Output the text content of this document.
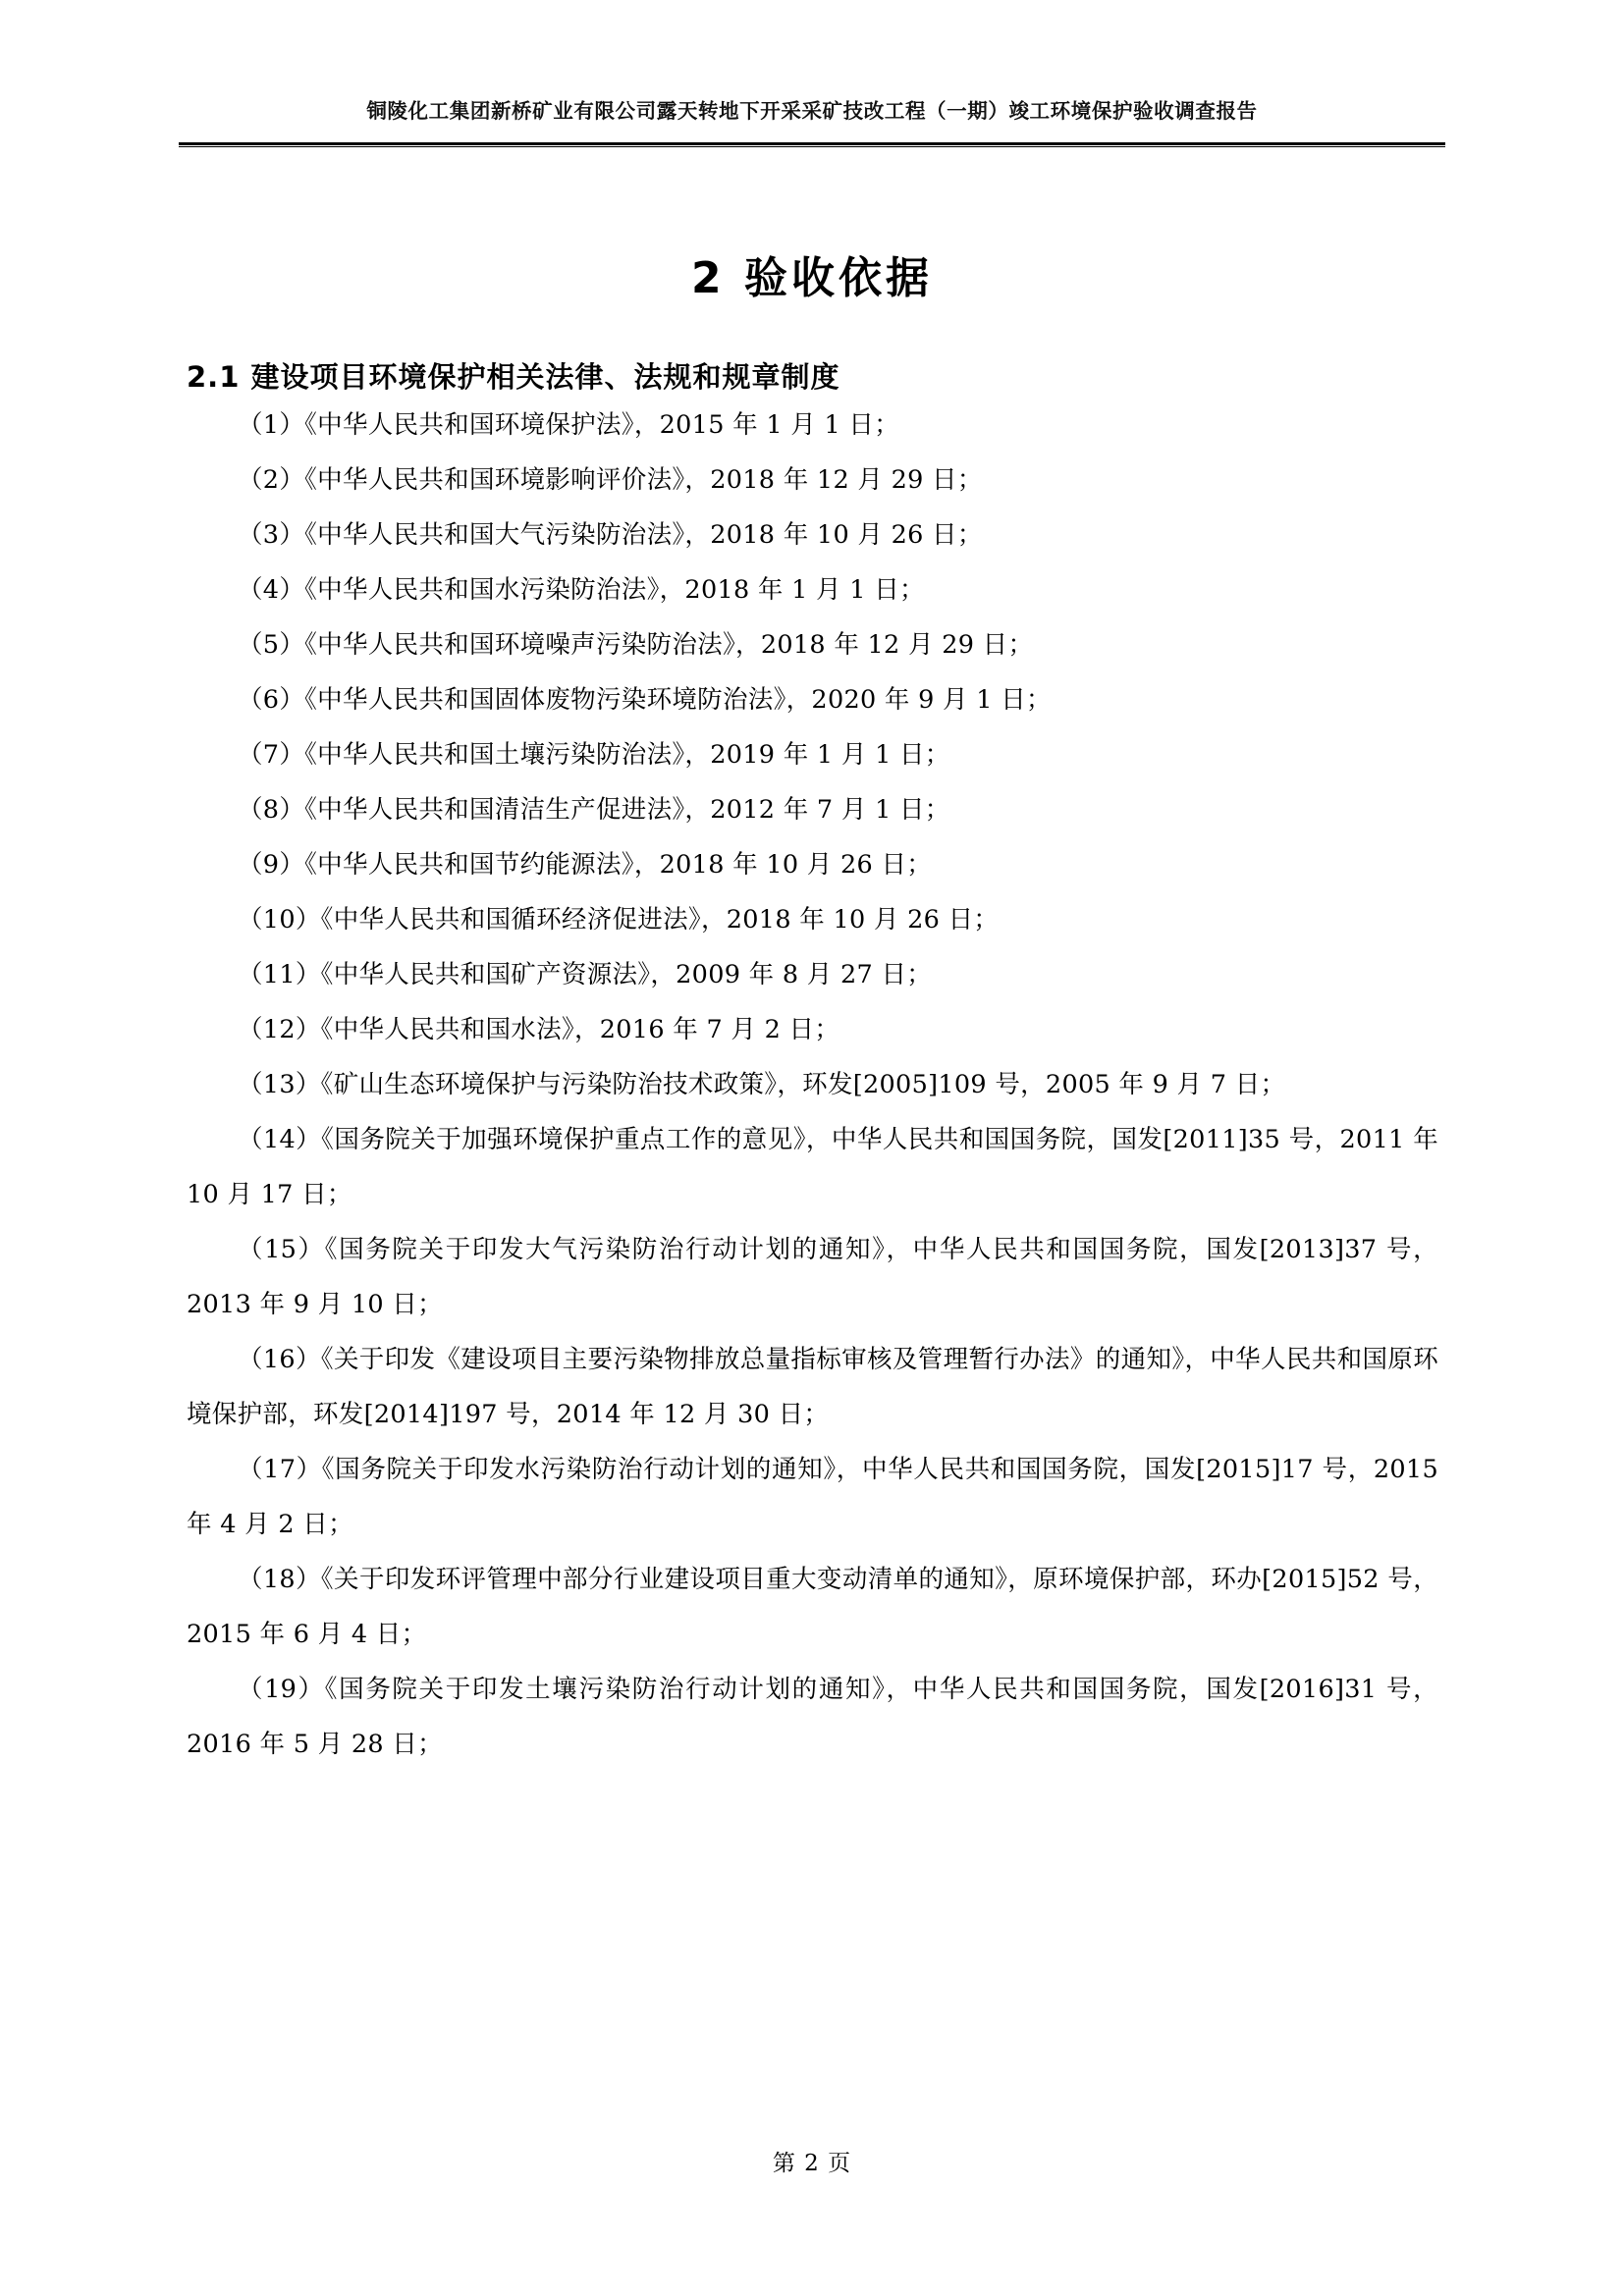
铜陵化工集团新桥矿业有限公司露天转地下开采采矿技改工程（一期）竣工环境保护验收调查报告
2 验收依据
2.1 建设项目环境保护相关法律、法规和规章制度

（1）《中华人民共和国环境保护法》，2015 年 1 月 1 日；

（2）《中华人民共和国环境影响评价法》，2018 年 12 月 29 日；

（3）《中华人民共和国大气污染防治法》，2018 年 10 月 26 日；

（4）《中华人民共和国水污染防治法》，2018 年 1 月 1 日；

（5）《中华人民共和国环境噪声污染防治法》，2018 年 12 月 29 日；

（6）《中华人民共和国固体废物污染环境防治法》，2020 年 9 月 1 日；

（7）《中华人民共和国土壤污染防治法》，2019 年 1 月 1 日；

（8）《中华人民共和国清洁生产促进法》，2012 年 7 月 1 日；

（9）《中华人民共和国节约能源法》，2018 年 10 月 26 日；

（10）《中华人民共和国循环经济促进法》，2018 年 10 月 26 日；

（11）《中华人民共和国矿产资源法》，2009 年 8 月 27 日；

（12）《中华人民共和国水法》，2016 年 7 月 2 日；

（13）《矿山生态环境保护与污染防治技术政策》，环发[2005]109 号，2005 年 9 月 7 日；

（14）《国务院关于加强环境保护重点工作的意见》，中华人民共和国国务院，国发[2011]35 号，2011 年 10 月 17 日；

（15）《国务院关于印发大气污染防治行动计划的通知》，中华人民共和国国务院，国发[2013]37 号，2013 年 9 月 10 日；

（16）《关于印发《建设项目主要污染物排放总量指标审核及管理暂行办法》的通知》，中华人民共和国原环境保护部，环发[2014]197 号，2014 年 12 月 30 日；

（17）《国务院关于印发水污染防治行动计划的通知》，中华人民共和国国务院，国发[2015]17 号，2015 年 4 月 2 日；

（18）《关于印发环评管理中部分行业建设项目重大变动清单的通知》，原环境保护部，环办[2015]52 号，2015 年 6 月 4 日；

（19）《国务院关于印发土壤污染防治行动计划的通知》，中华人民共和国国务院，国发[2016]31 号，2016 年 5 月 28 日；

第 2 页
